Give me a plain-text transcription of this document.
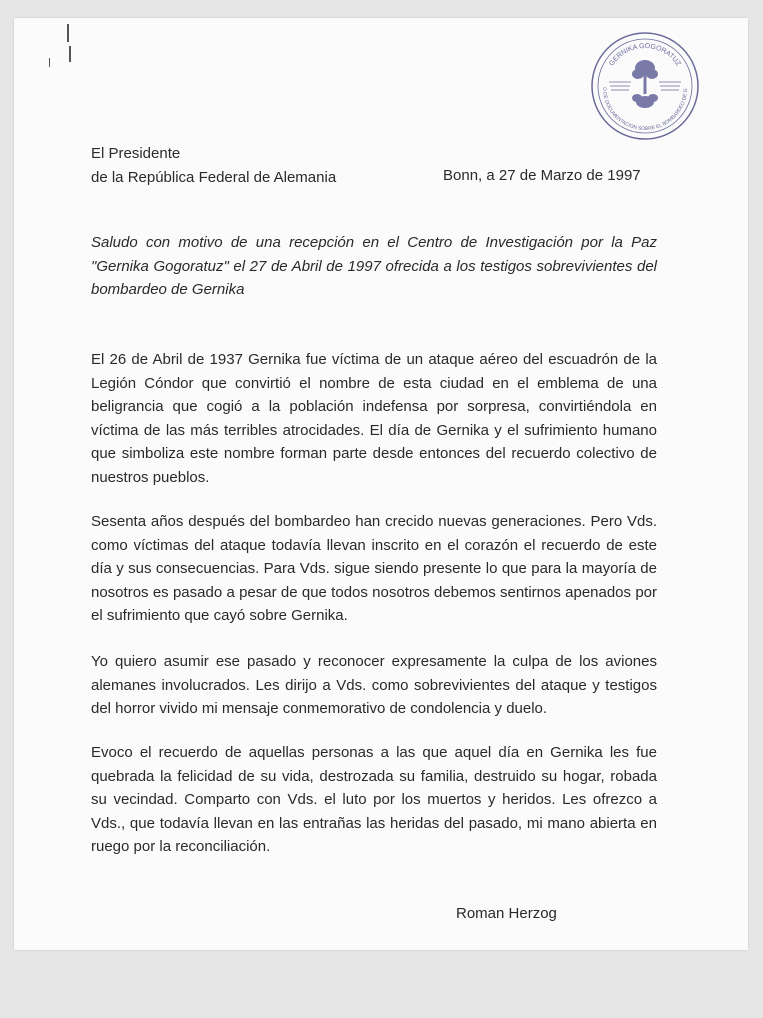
GERNIKA GOGORATUZ
O DE DOCUMENTACION SOBRE EL BOMBARDEO DE G
El Presidente
de la República Federal de Alemania	Bonn, a 27 de Marzo de 1997
Saludo con motivo de una recepción en el Centro de Investigación por la Paz "Gernika Gogoratuz" el 27 de Abril de 1997 ofrecida a los testigos sobrevivientes del bombardeo de Gernika
El 26 de Abril de 1937 Gernika fue víctima de un ataque aéreo del escuadrón de la Legión Cóndor que convirtió el nombre de esta ciudad en el emblema de una beligrancia que cogió a la población indefensa por sorpresa, convirtiéndola en víctima de las más terribles atrocidades. El día de Gernika y el sufrimiento humano que simboliza este nombre forman parte desde entonces del recuerdo colectivo de nuestros pueblos.
Sesenta años después del bombardeo han crecido nuevas generaciones. Pero Vds. como víctimas del ataque todavía llevan inscrito en el corazón el recuerdo de este día y sus consecuencias. Para Vds. sigue siendo presente lo que para la mayoría de nosotros es pasado a pesar de que todos nosotros debemos sentirnos apenados por el sufrimiento que cayó sobre Gernika.
Yo quiero asumir ese pasado y reconocer expresamente la culpa de los aviones alemanes involucrados. Les dirijo a Vds. como sobrevivientes del ataque y testigos del horror vivido mi mensaje conmemorativo de condolencia y duelo.
Evoco el recuerdo de aquellas personas a las que aquel día en Gernika les fue quebrada la felicidad de su vida, destrozada su familia, destruido su hogar, robada su vecindad. Comparto con Vds. el luto por los muertos y heridos. Les ofrezco a Vds., que todavía llevan en las entrañas las heridas del pasado, mi mano abierta en ruego por la reconciliación.
Roman Herzog
